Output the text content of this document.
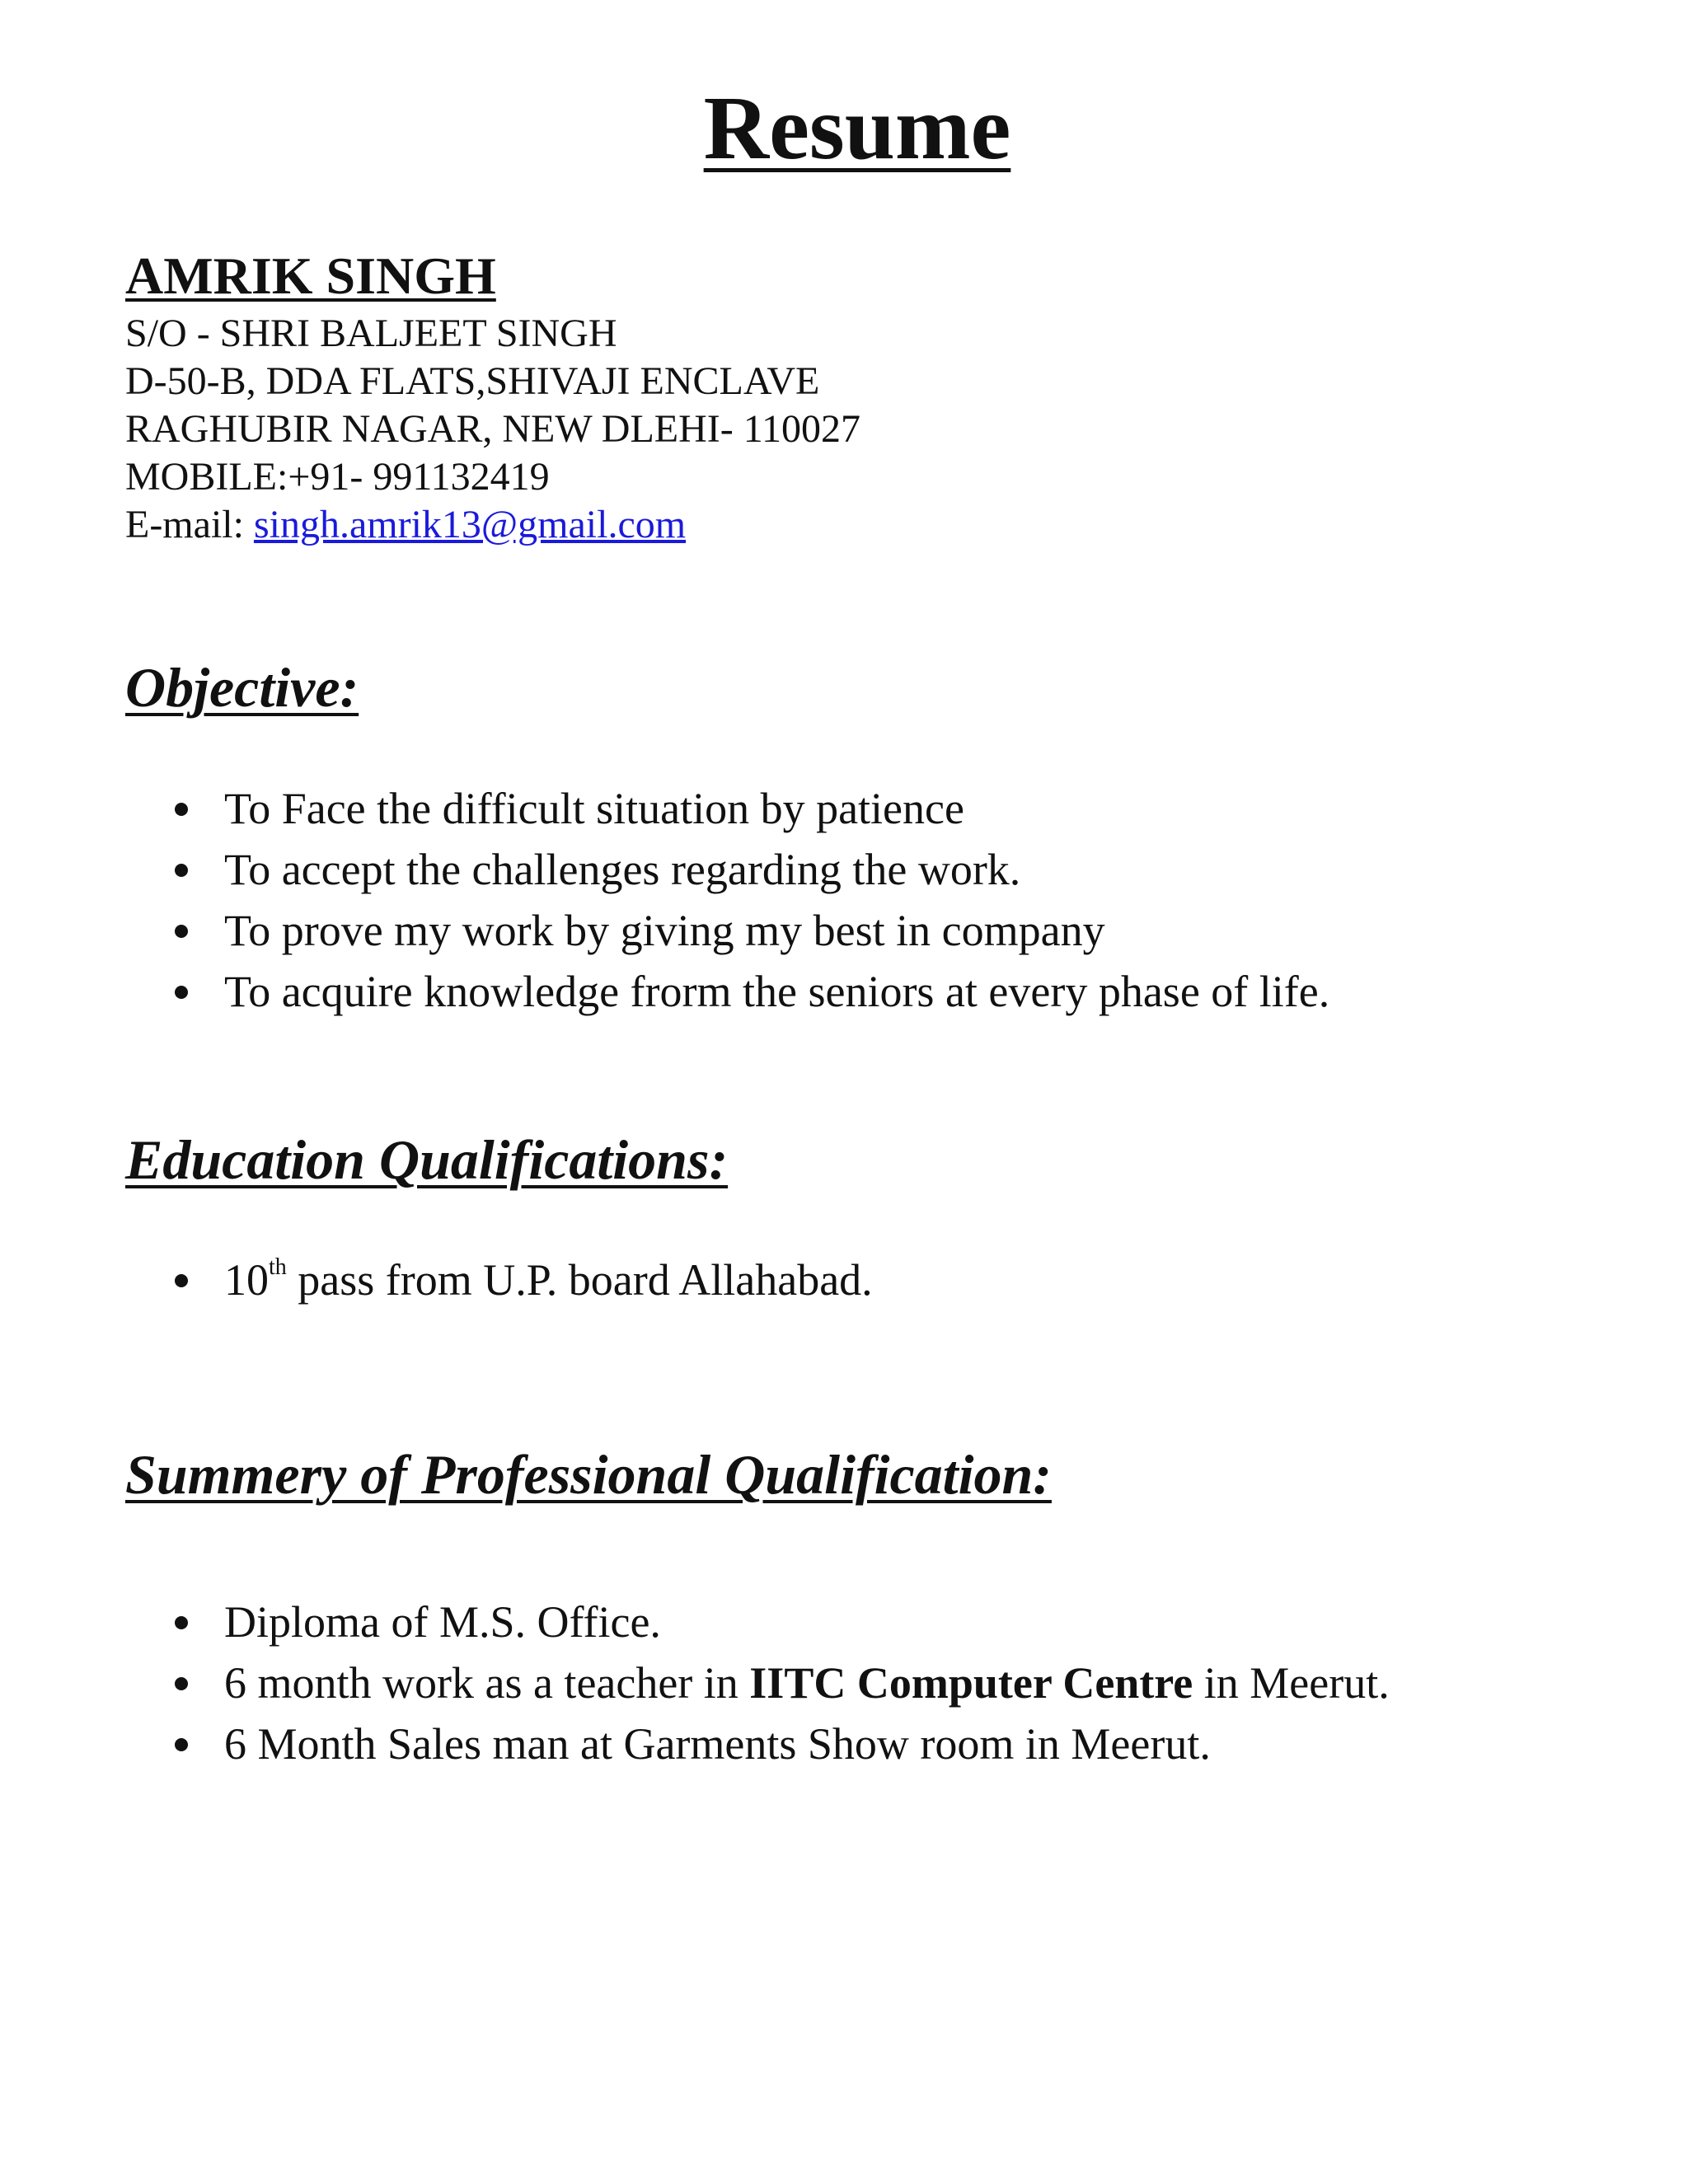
Resume
AMRIK SINGH

S/O - SHRI BALJEET SINGH

D-50-B, DDA FLATS,SHIVAJI ENCLAVE

RAGHUBIR NAGAR, NEW DLEHI- 110027

MOBILE:+91- 991132419

E-mail: singh.amrik13@gmail.com

Objective:
To Face the difficult situation by patience
To accept the challenges regarding the work.
To prove my work by giving my best in company
To acquire knowledge frorm the seniors at every phase of life.
Education Qualifications:
10th pass from U.P. board Allahabad.
Summery of Professional Qualification:
Diploma of M.S. Office.
6 month work as a teacher in IITC Computer Centre in Meerut.
6 Month Sales man at Garments Show room in Meerut.
